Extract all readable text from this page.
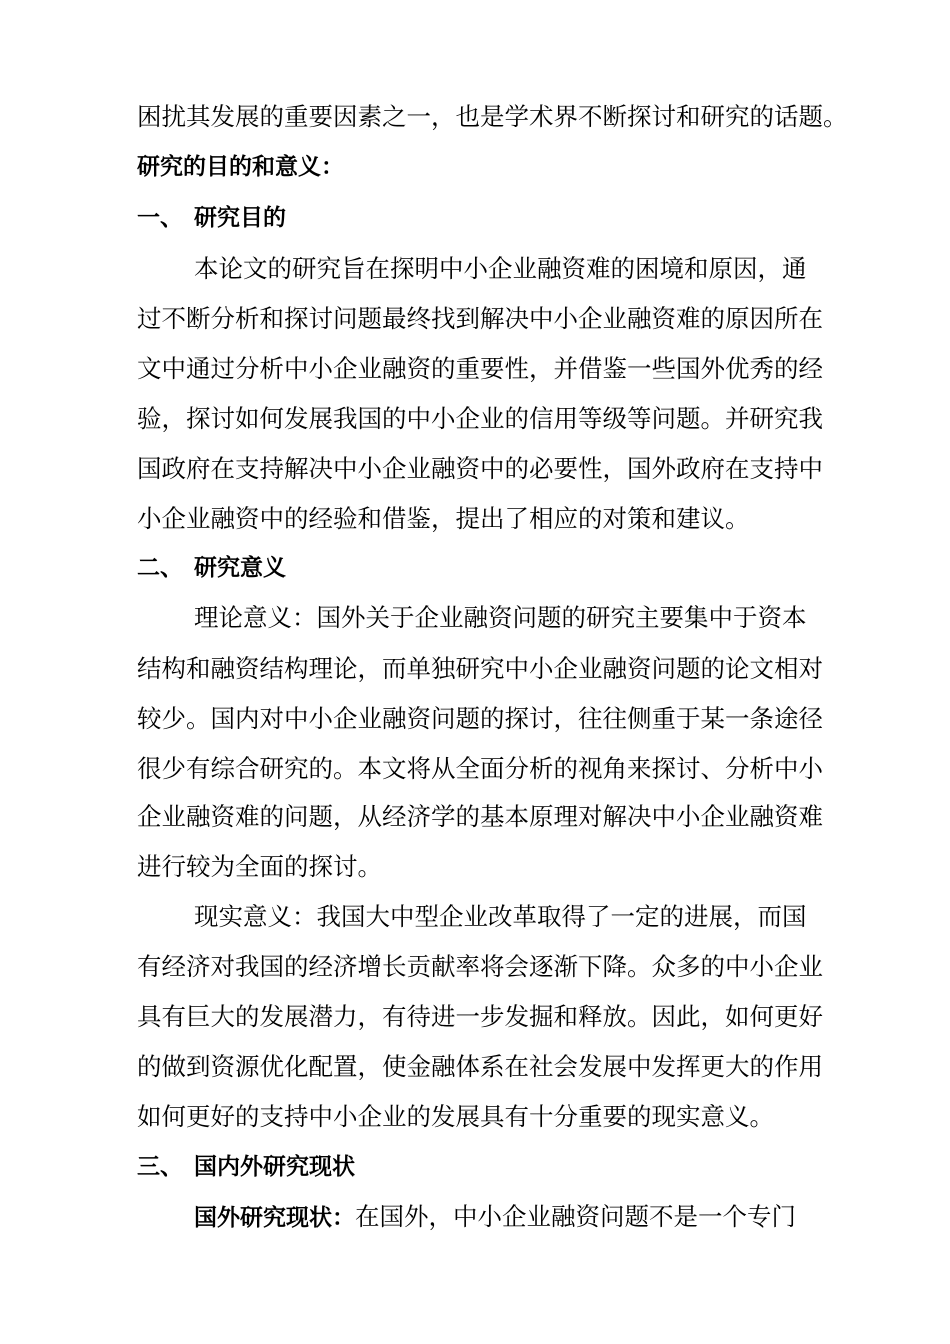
困扰其发展的重要因素之一，也是学术界不断探讨和研究的话题。
研究的目的和意义：
一、 研究目的
本论文的研究旨在探明中小企业融资难的困境和原因，通
过不断分析和探讨问题最终找到解决中小企业融资难的原因所在
文中通过分析中小企业融资的重要性，并借鉴一些国外优秀的经
验，探讨如何发展我国的中小企业的信用等级等问题。并研究我
国政府在支持解决中小企业融资中的必要性，国外政府在支持中
小企业融资中的经验和借鉴，提出了相应的对策和建议。
二、 研究意义
理论意义：国外关于企业融资问题的研究主要集中于资本
结构和融资结构理论，而单独研究中小企业融资问题的论文相对
较少。国内对中小企业融资问题的探讨，往往侧重于某一条途径
很少有综合研究的。本文将从全面分析的视角来探讨、分析中小
企业融资难的问题，从经济学的基本原理对解决中小企业融资难
进行较为全面的探讨。
现实意义：我国大中型企业改革取得了一定的进展，而国
有经济对我国的经济增长贡献率将会逐渐下降。众多的中小企业
具有巨大的发展潜力，有待进一步发掘和释放。因此，如何更好
的做到资源优化配置，使金融体系在社会发展中发挥更大的作用
如何更好的支持中小企业的发展具有十分重要的现实意义。
三、 国内外研究现状
国外研究现状：在国外，中小企业融资问题不是一个专门
